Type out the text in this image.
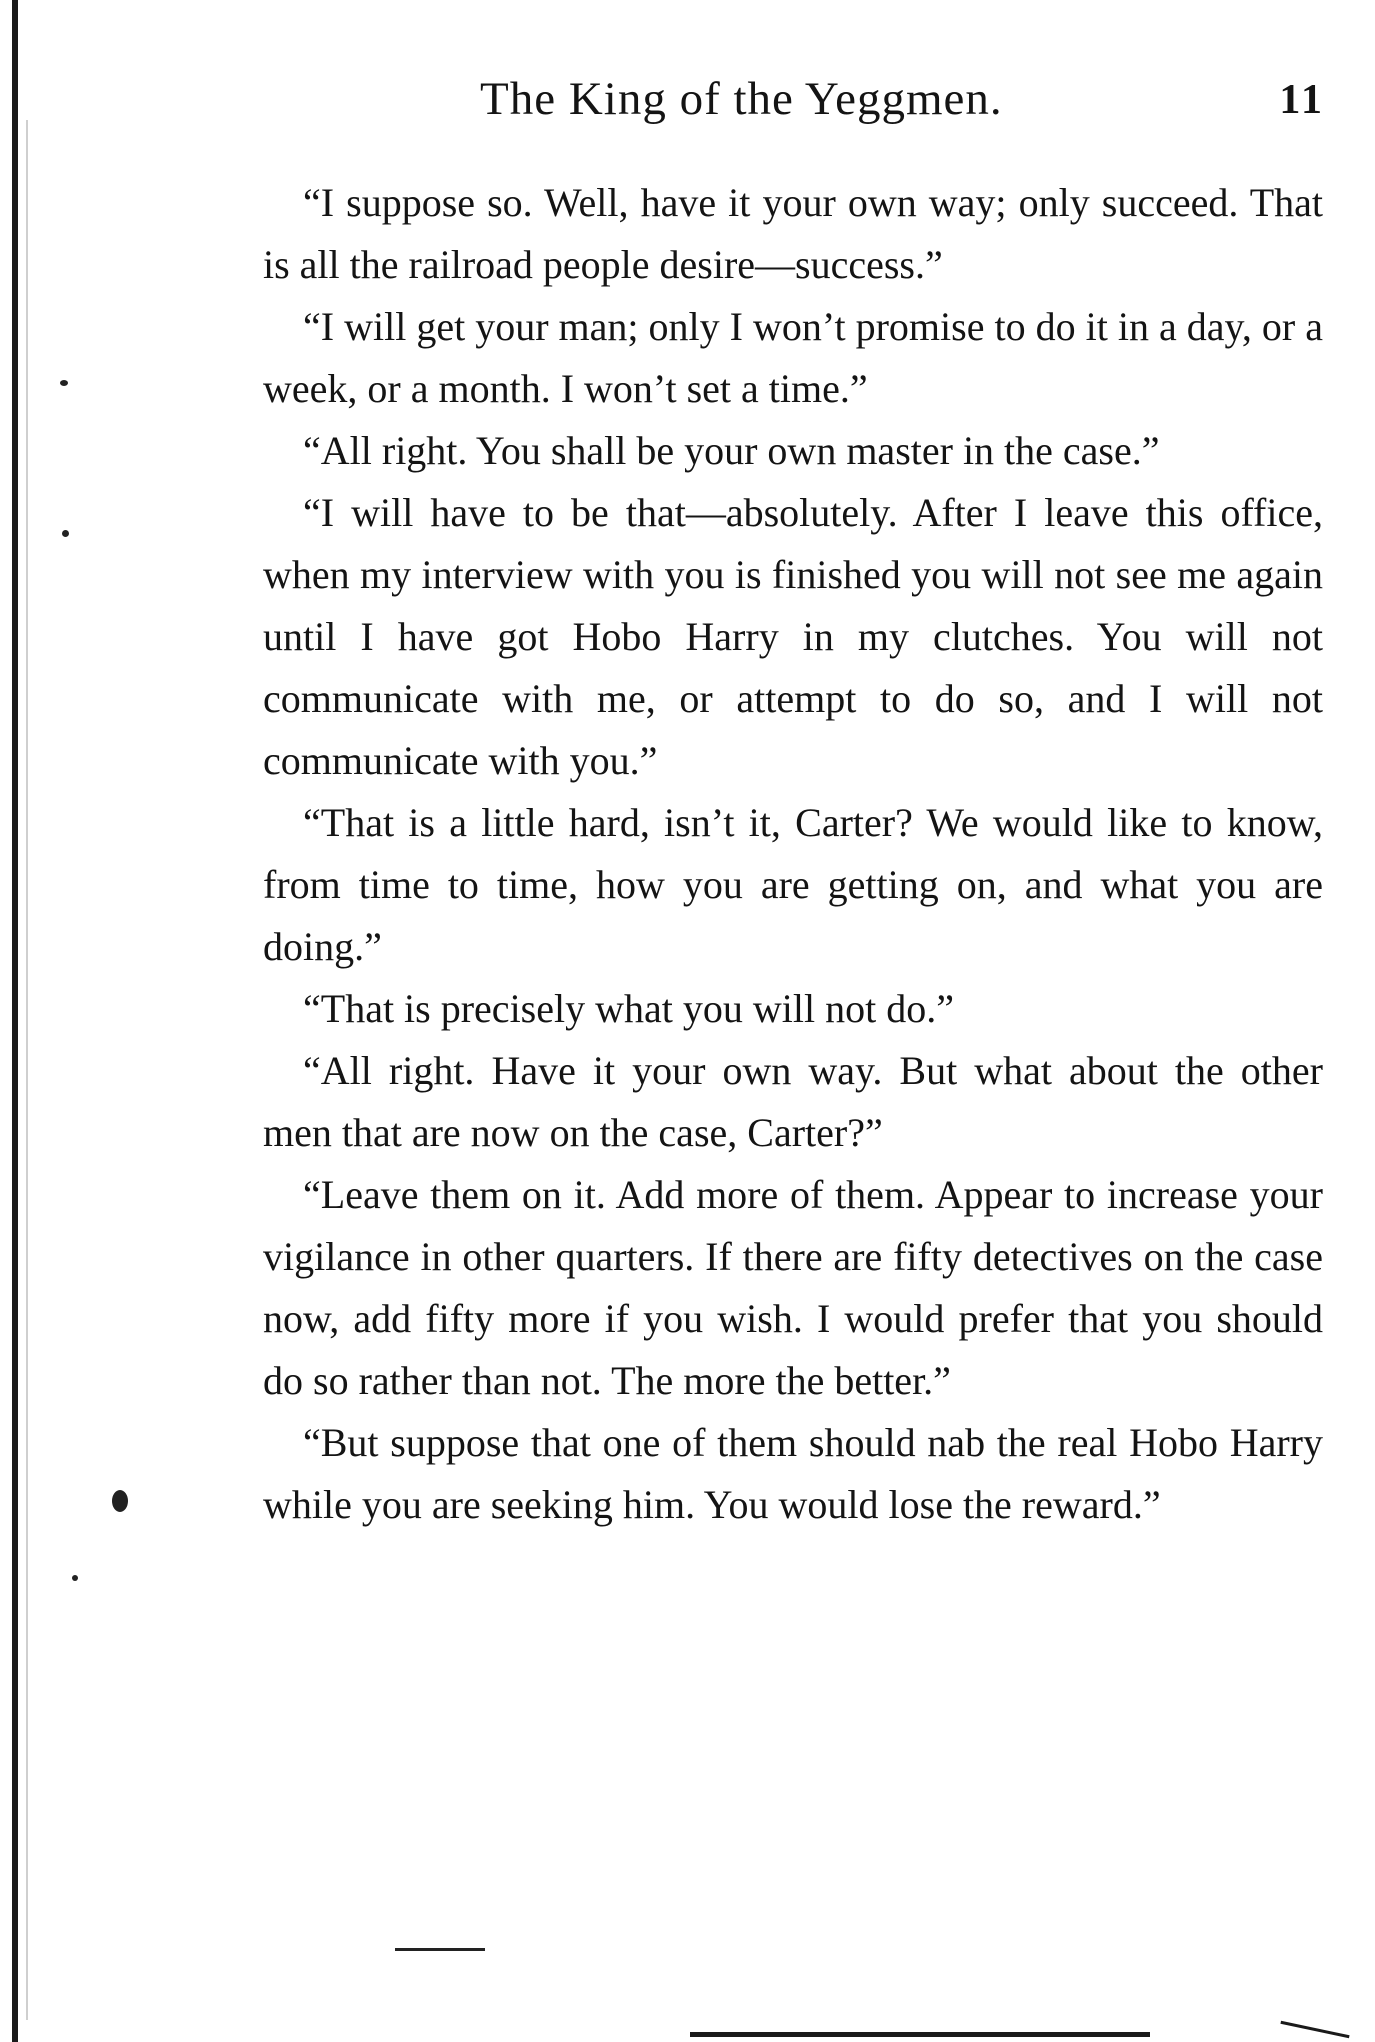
The King of the Yeggmen.	11

“I suppose so. Well, have it your own way; only succeed. That is all the railroad people desire—success.”

“I will get your man; only I won’t promise to do it in a day, or a week, or a month. I won’t set a time.”

“All right. You shall be your own master in the case.”

“I will have to be that—absolutely. After I leave this office, when my interview with you is finished you will not see me again until I have got Hobo Harry in my clutches. You will not communicate with me, or attempt to do so, and I will not communicate with you.”

“That is a little hard, isn’t it, Carter? We would like to know, from time to time, how you are getting on, and what you are doing.”

“That is precisely what you will not do.”

“All right. Have it your own way. But what about the other men that are now on the case, Carter?”

“Leave them on it. Add more of them. Appear to increase your vigilance in other quarters. If there are fifty detectives on the case now, add fifty more if you wish. I would prefer that you should do so rather than not. The more the better.”

“But suppose that one of them should nab the real Hobo Harry while you are seeking him. You would lose the reward.”
